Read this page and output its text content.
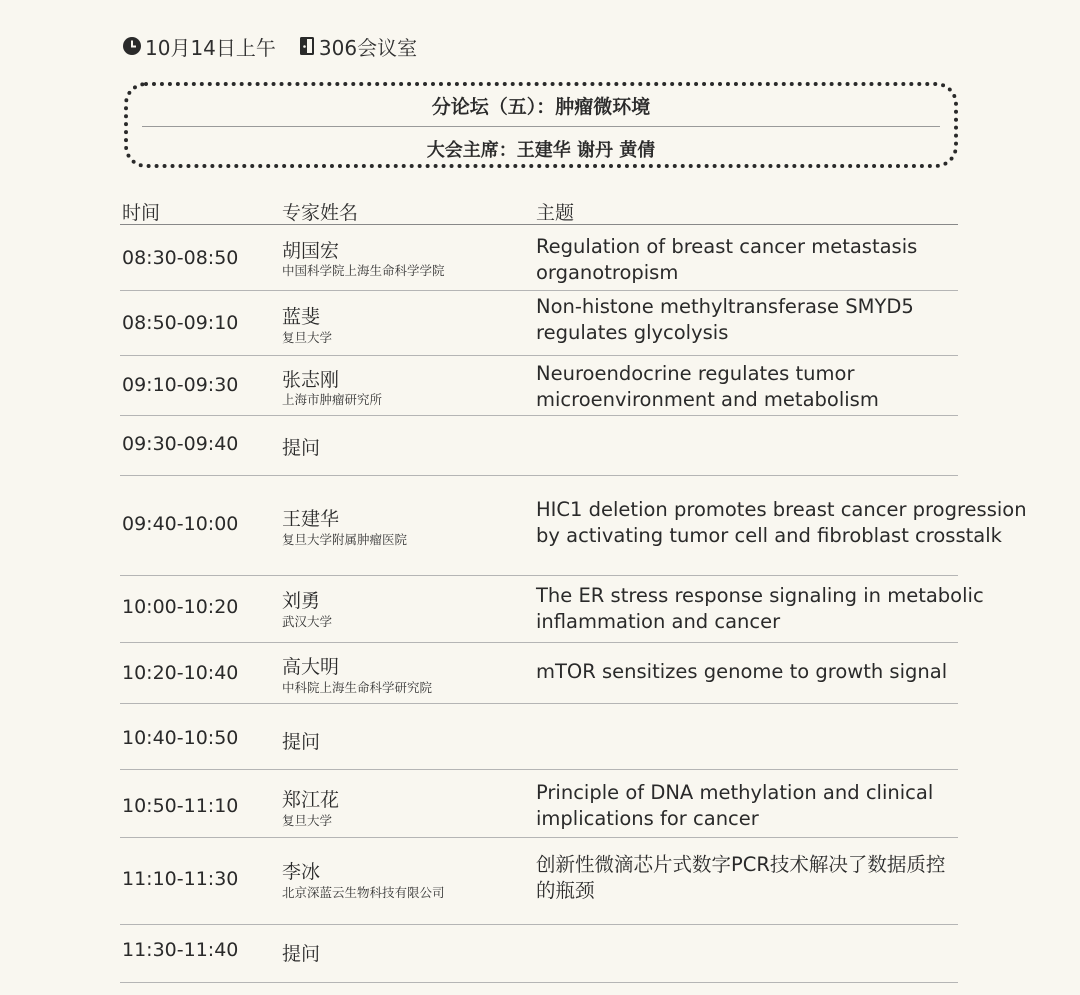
10月14日上午 306会议室
分论坛（五）：肿瘤微环境
大会主席：王建华 谢丹 黄倩
时间	专家姓名	主题
08:30-08:50 胡国宏
中国科学院上海生命科学学院
Regulation of breast cancer metastasis
organotropism
08:50-09:10 蓝斐
复旦大学
Non-histone methyltransferase SMYD5
regulates glycolysis
09:10-09:30 张志刚
上海市肿瘤研究所
Neuroendocrine regulates tumor
microenvironment and metabolism
09:30-09:40 提问
09:40-10:00 王建华
复旦大学附属肿瘤医院
HIC1 deletion promotes breast cancer progression
by activating tumor cell and fibroblast crosstalk
10:00-10:20 刘勇
武汉大学
The ER stress response signaling in metabolic
inflammation and cancer
10:20-10:40 高大明
中科院上海生命科学研究院
mTOR sensitizes genome to growth signal
10:40-10:50 提问
10:50-11:10 郑江花
复旦大学
Principle of DNA methylation and clinical
implications for cancer
11:10-11:30 李冰
北京深蓝云生物科技有限公司
创新性微滴芯片式数字PCR技术解决了数据质控
的瓶颈
11:30-11:40 提问
